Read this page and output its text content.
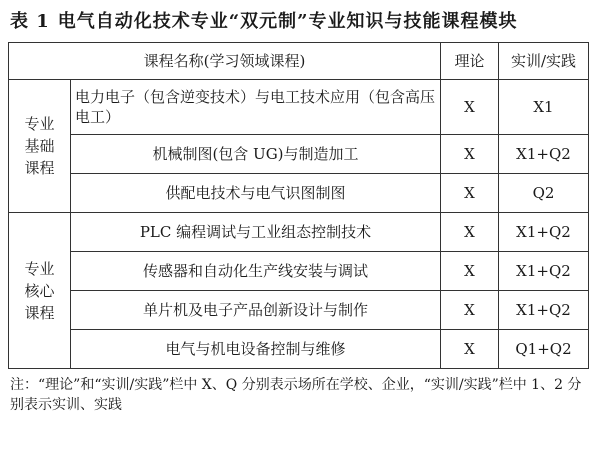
表 1 电气自动化技术专业“双元制”专业知识与技能课程模块
课程名称(学习领域课程)		理论	实训/实践
专业
基础
课程	电力电子（包含逆变技术）与电工技术应用（包含高压电工）	X	X1
	机械制图(包含 UG)与制造加工	X	X1+Q2
	供配电技术与电气识图制图	X	Q2
专业
核心
课程	PLC 编程调试与工业组态控制技术	X	X1+Q2
	传感器和自动化生产线安装与调试	X	X1+Q2
	单片机及电子产品创新设计与制作	X	X1+Q2
	电气与机电设备控制与维修	X	Q1+Q2
注：“理论”和“实训/实践”栏中 X、Q 分别表示场所在学校、企业，“实训/实践”栏中 1、2 分别表示实训、实践
